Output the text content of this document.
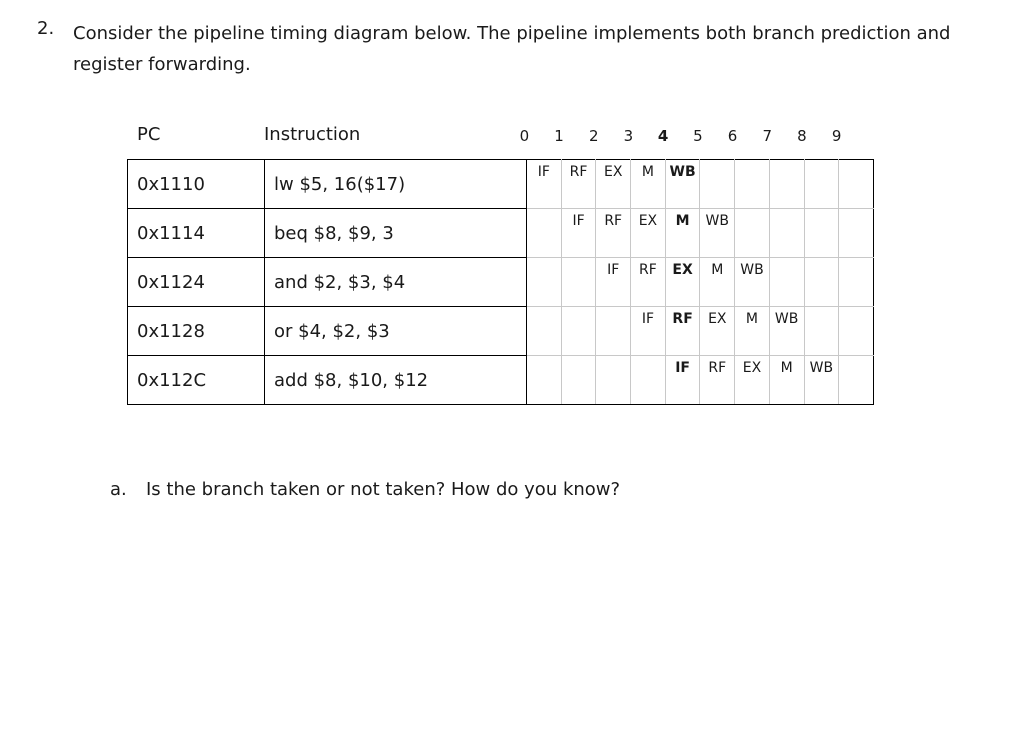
2. Consider the pipeline timing diagram below. The pipeline implements both branch prediction and register forwarding.
PC	Instruction	0	1	2	3	4	5	6	7	8	9
0x1110	lw $5, 16($17)	IF	RF	EX	M	WB					

0x1114	beq $8, $9, 3		IF	RF	EX	M	WB				

0x1124	and $2, $3, $4			IF	RF	EX	M	WB			

0x1128	or $4, $2, $3				IF	RF	EX	M	WB		

0x112C	add $8, $10, $12					IF	RF	EX	M	WB	

a. Is the branch taken or not taken? How do you know?
